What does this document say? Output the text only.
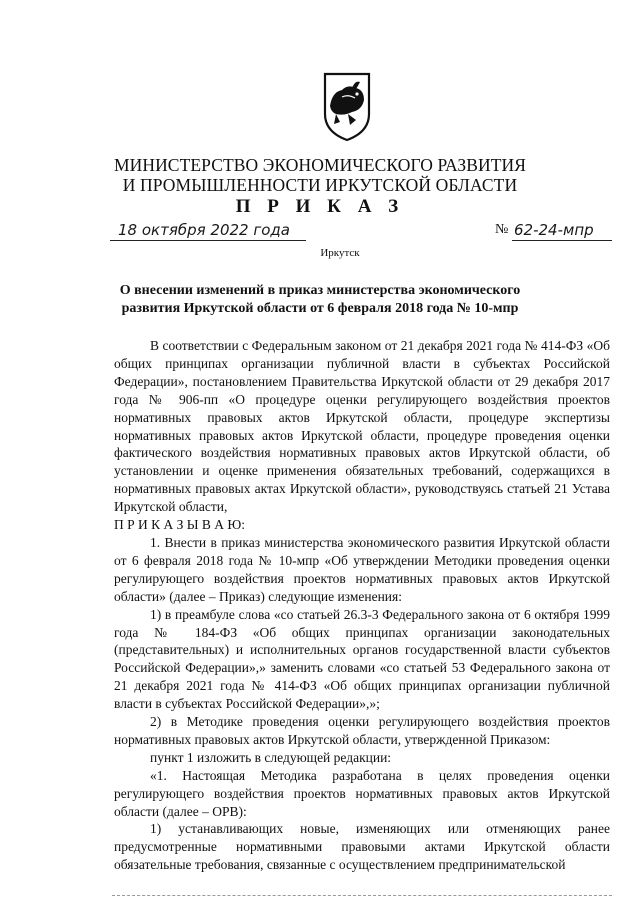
МИНИСТЕРСТВО ЭКОНОМИЧЕСКОГО РАЗВИТИЯ
И ПРОМЫШЛЕННОСТИ ИРКУТСКОЙ ОБЛАСТИ
П Р И К А З
18 октября 2022 года	№ 62-24-мпр
Иркутск
О внесении изменений в приказ министерства экономического
развития Иркутской области от 6 февраля 2018 года № 10-мпр

В соответствии с Федеральным законом от 21 декабря 2021 года № 414-ФЗ «Об общих принципах организации публичной власти в субъектах Российской Федерации», постановлением Правительства Иркутской области от 29 декабря 2017 года № 906-пп «О процедуре оценки регулирующего воздействия проектов нормативных правовых актов Иркутской области, процедуре экспертизы нормативных правовых актов Иркутской области, процедуре проведения оценки фактического воздействия нормативных правовых актов Иркутской области, об установлении и оценке применения обязательных требований, содержащихся в нормативных правовых актах Иркутской области», руководствуясь статьей 21 Устава Иркутской области,

П Р И К А З Ы В А Ю:

1. Внести в приказ министерства экономического развития Иркутской области от 6 февраля 2018 года № 10-мпр «Об утверждении Методики проведения оценки регулирующего воздействия проектов нормативных правовых актов Иркутской области» (далее – Приказ) следующие изменения:

1) в преамбуле слова «со статьей 26.3-3 Федерального закона от 6 октября 1999 года № 184-ФЗ «Об общих принципах организации законодательных (представительных) и исполнительных органов государственной власти субъектов Российской Федерации»,» заменить словами «со статьей 53 Федерального закона от 21 декабря 2021 года № 414-ФЗ «Об общих принципах организации публичной власти в субъектах Российской Федерации»,»;

2) в Методике проведения оценки регулирующего воздействия проектов нормативных правовых актов Иркутской области, утвержденной Приказом:

пункт 1 изложить в следующей редакции:

«1. Настоящая Методика разработана в целях проведения оценки регулирующего воздействия проектов нормативных правовых актов Иркутской области (далее – ОРВ):

1) устанавливающих новые, изменяющих или отменяющих ранее предусмотренные нормативными правовыми актами Иркутской области обязательные требования, связанные с осуществлением предпринимательской
